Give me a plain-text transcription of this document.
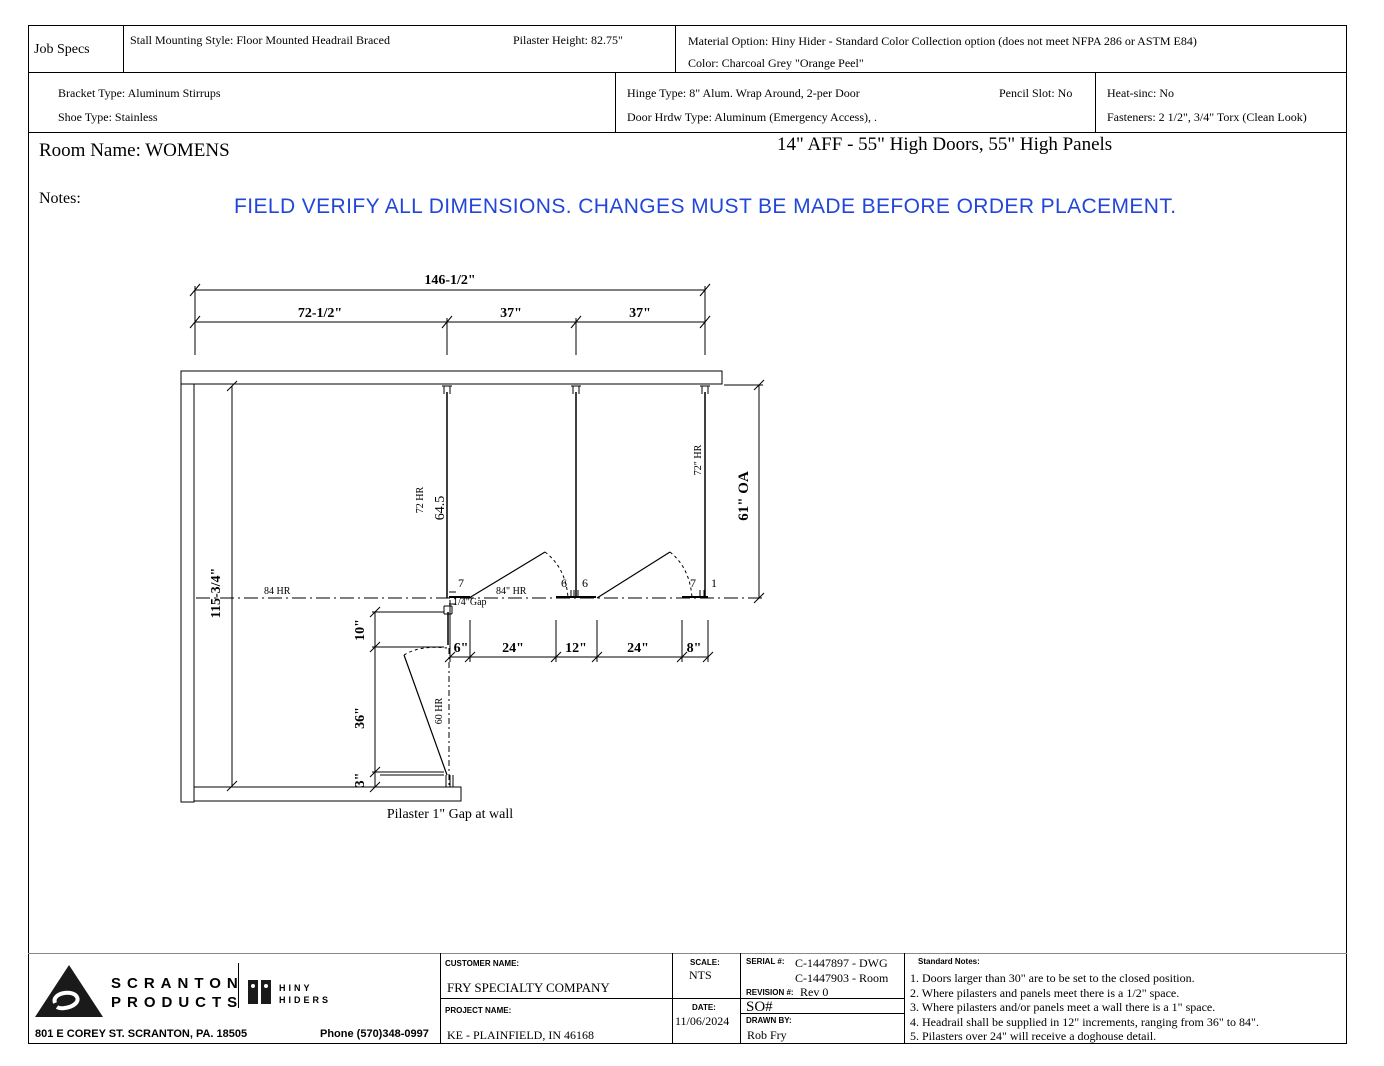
Job Specs
Stall Mounting Style: Floor Mounted Headrail Braced	Pilaster Height: 82.75"	Material Option: Hiny Hider - Standard Color Collection option (does not meet NFPA 286 or ASTM E84)
Color: Charcoal Grey "Orange Peel"
Bracket Type: Aluminum Stirrups
Shoe Type: Stainless
Hinge Type: 8" Alum. Wrap Around, 2-per Door	Pencil Slot: No
Door Hrdw Type: Aluminum (Emergency Access), .
Heat-sinc: No
Fasteners: 2 1/2", 3/4" Torx (Clean Look)
Room Name: WOMENS	14" AFF - 55" High Doors, 55" High Panels
Notes:	FIELD VERIFY ALL DIMENSIONS. CHANGES MUST BE MADE BEFORE ORDER PLACEMENT.
146-1/2"
72-1/2"	37"	37"
61" OA
115-3/4"
64.5
72 HR
72" HR
60 HR
84 HR	84" HR
1/4"Gap
7	6 6	7 1
6" 24"	12"	24"	8"
10"
36"
3"
Pilaster 1" Gap at wall
SCRANTON
PRODUCTS
HINY
HIDERS
801 E COREY ST. SCRANTON, PA. 18505	Phone (570)348-0997
CUSTOMER NAME:
FRY SPECIALTY COMPANY
PROJECT NAME:
KE - PLAINFIELD, IN 46168
SCALE:
NTS
DATE:
11/06/2024
SERIAL #: C-1447897 - DWG
C-1447903 - Room
REVISION #: Rev 0
SO#
DRAWN BY:
Rob Fry
Standard Notes:
1. Doors larger than 30" are to be set to the closed position.
2. Where pilasters and panels meet there is a 1/2" space.
3. Where pilasters and/or panels meet a wall there is a 1" space.
4. Headrail shall be supplied in 12" increments, ranging from 36" to 84".
5. Pilasters over 24" will receive a doghouse detail.
